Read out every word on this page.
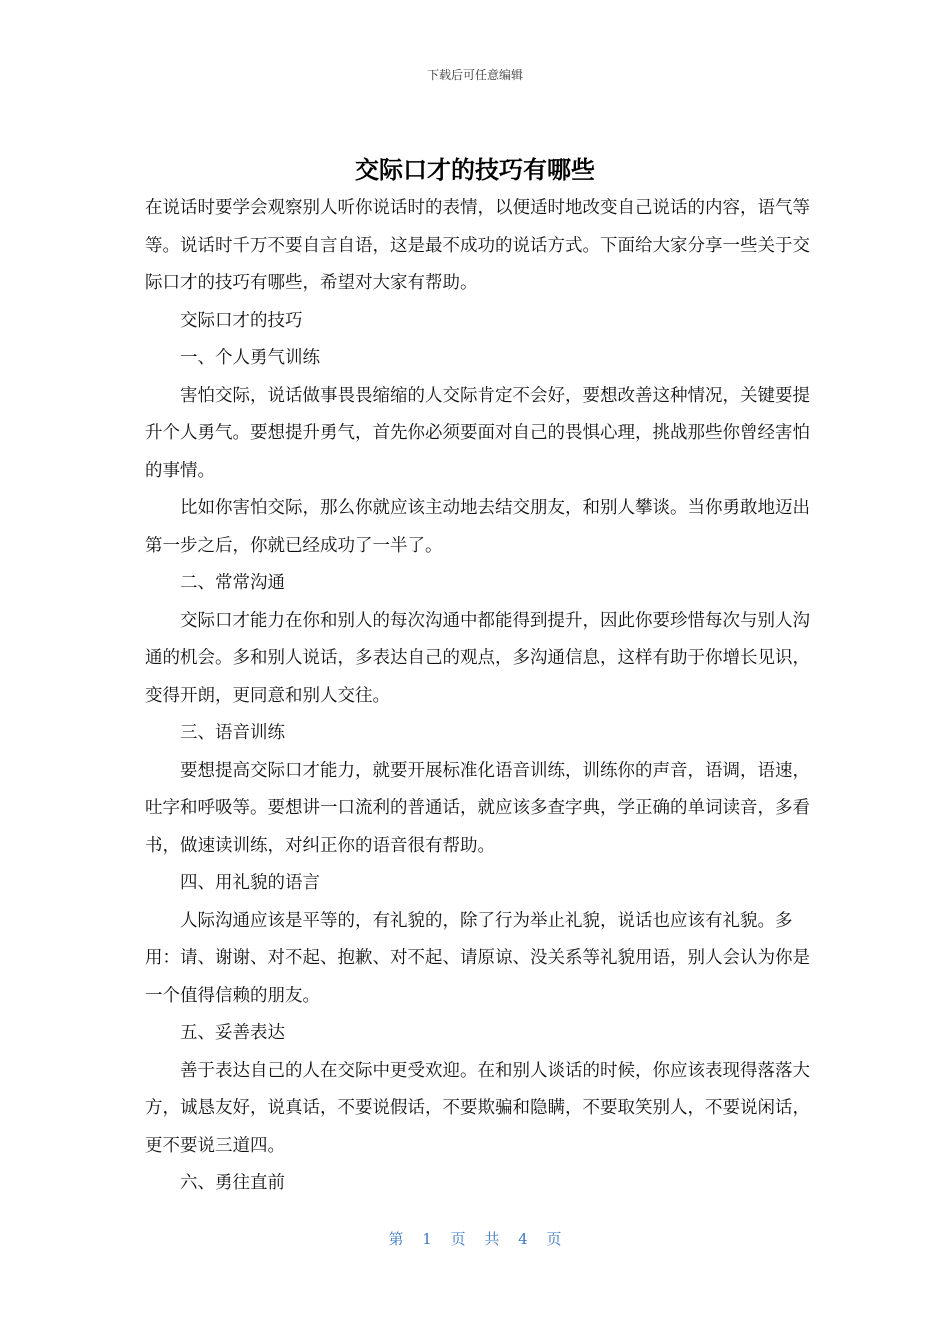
下载后可任意编辑
交际口才的技巧有哪些

在说话时要学会观察别人听你说话时的表情，以便适时地改变自己说话的内容，语气等等。说话时千万不要自言自语，这是最不成功的说话方式。下面给大家分享一些关于交际口才的技巧有哪些，希望对大家有帮助。

交际口才的技巧

一、个人勇气训练

害怕交际，说话做事畏畏缩缩的人交际肯定不会好，要想改善这种情况，关键要提升个人勇气。要想提升勇气，首先你必须要面对自己的畏惧心理，挑战那些你曾经害怕的事情。

比如你害怕交际，那么你就应该主动地去结交朋友，和别人攀谈。当你勇敢地迈出第一步之后，你就已经成功了一半了。

二、常常沟通

交际口才能力在你和别人的每次沟通中都能得到提升，因此你要珍惜每次与别人沟通的机会。多和别人说话，多表达自己的观点，多沟通信息，这样有助于你增长见识，变得开朗，更同意和别人交往。

三、语音训练

要想提高交际口才能力，就要开展标准化语音训练，训练你的声音，语调，语速，吐字和呼吸等。要想讲一口流利的普通话，就应该多查字典，学正确的单词读音，多看书，做速读训练，对纠正你的语音很有帮助。

四、用礼貌的语言

人际沟通应该是平等的，有礼貌的，除了行为举止礼貌，说话也应该有礼貌。多用：请、谢谢、对不起、抱歉、对不起、请原谅、没关系等礼貌用语，别人会认为你是一个值得信赖的朋友。

五、妥善表达

善于表达自己的人在交际中更受欢迎。在和别人谈话的时候，你应该表现得落落大方，诚恳友好，说真话，不要说假话，不要欺骗和隐瞒，不要取笑别人，不要说闲话，更不要说三道四。

六、勇往直前

第 1 页 共 4 页
